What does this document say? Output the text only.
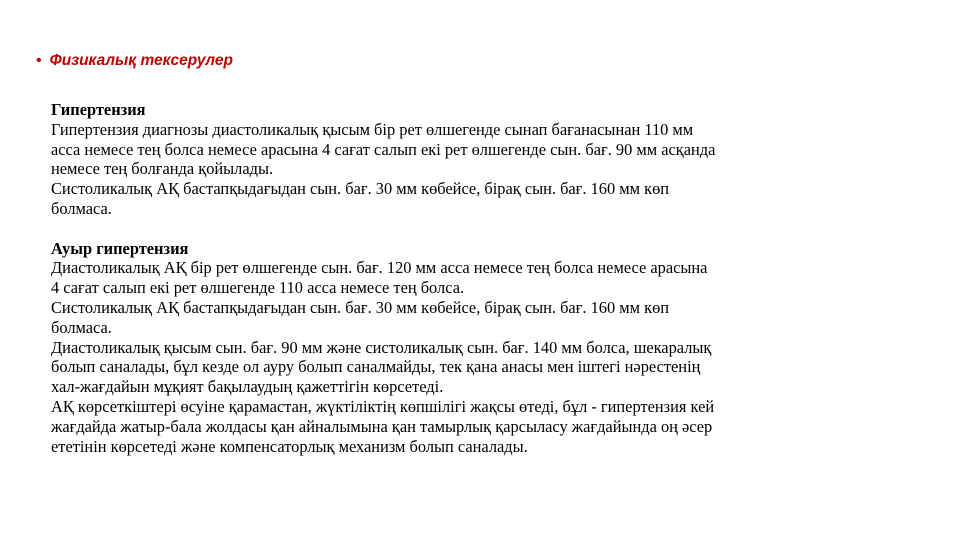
• Физикалық тексерулер
Гипертензия
Гипертензия диагнозы диастоликалық қысым бір рет өлшегенде сынап бағанасынан 110 мм
асса немесе тең болса немесе арасына 4 сағат салып екі рет өлшегенде сын. бағ. 90 мм асқанда
немесе тең болғанда қойылады.
Систоликалық АҚ бастапқыдағыдан сын. бағ. 30 мм көбейсе, бірақ сын. бағ. 160 мм көп
болмаса.
Ауыр гипертензия
Диастоликалық АҚ бір рет өлшегенде сын. бағ. 120 мм асса немесе тең болса немесе арасына
4 сағат салып екі рет өлшегенде 110 асса немесе тең болса.
Систоликалық АҚ бастапқыдағыдан сын. бағ. 30 мм көбейсе, бірақ сын. бағ. 160 мм көп
болмаса.
Диастоликалық қысым сын. бағ. 90 мм және систоликалық сын. бағ. 140 мм болса, шекаралық
болып саналады, бұл кезде ол ауру болып саналмайды, тек қана анасы мен іштегі нәрестенің
хал-жағдайын мұқият бақылаудың қажеттігін көрсетеді.
АҚ көрсеткіштері өсуіне қарамастан, жүктіліктің көпшілігі жақсы өтеді, бұл - гипертензия кей
жағдайда жатыр-бала жолдасы қан айналымына қан тамырлық қарсыласу жағдайында оң әсер
ететінін көрсетеді және компенсаторлық механизм болып саналады.
